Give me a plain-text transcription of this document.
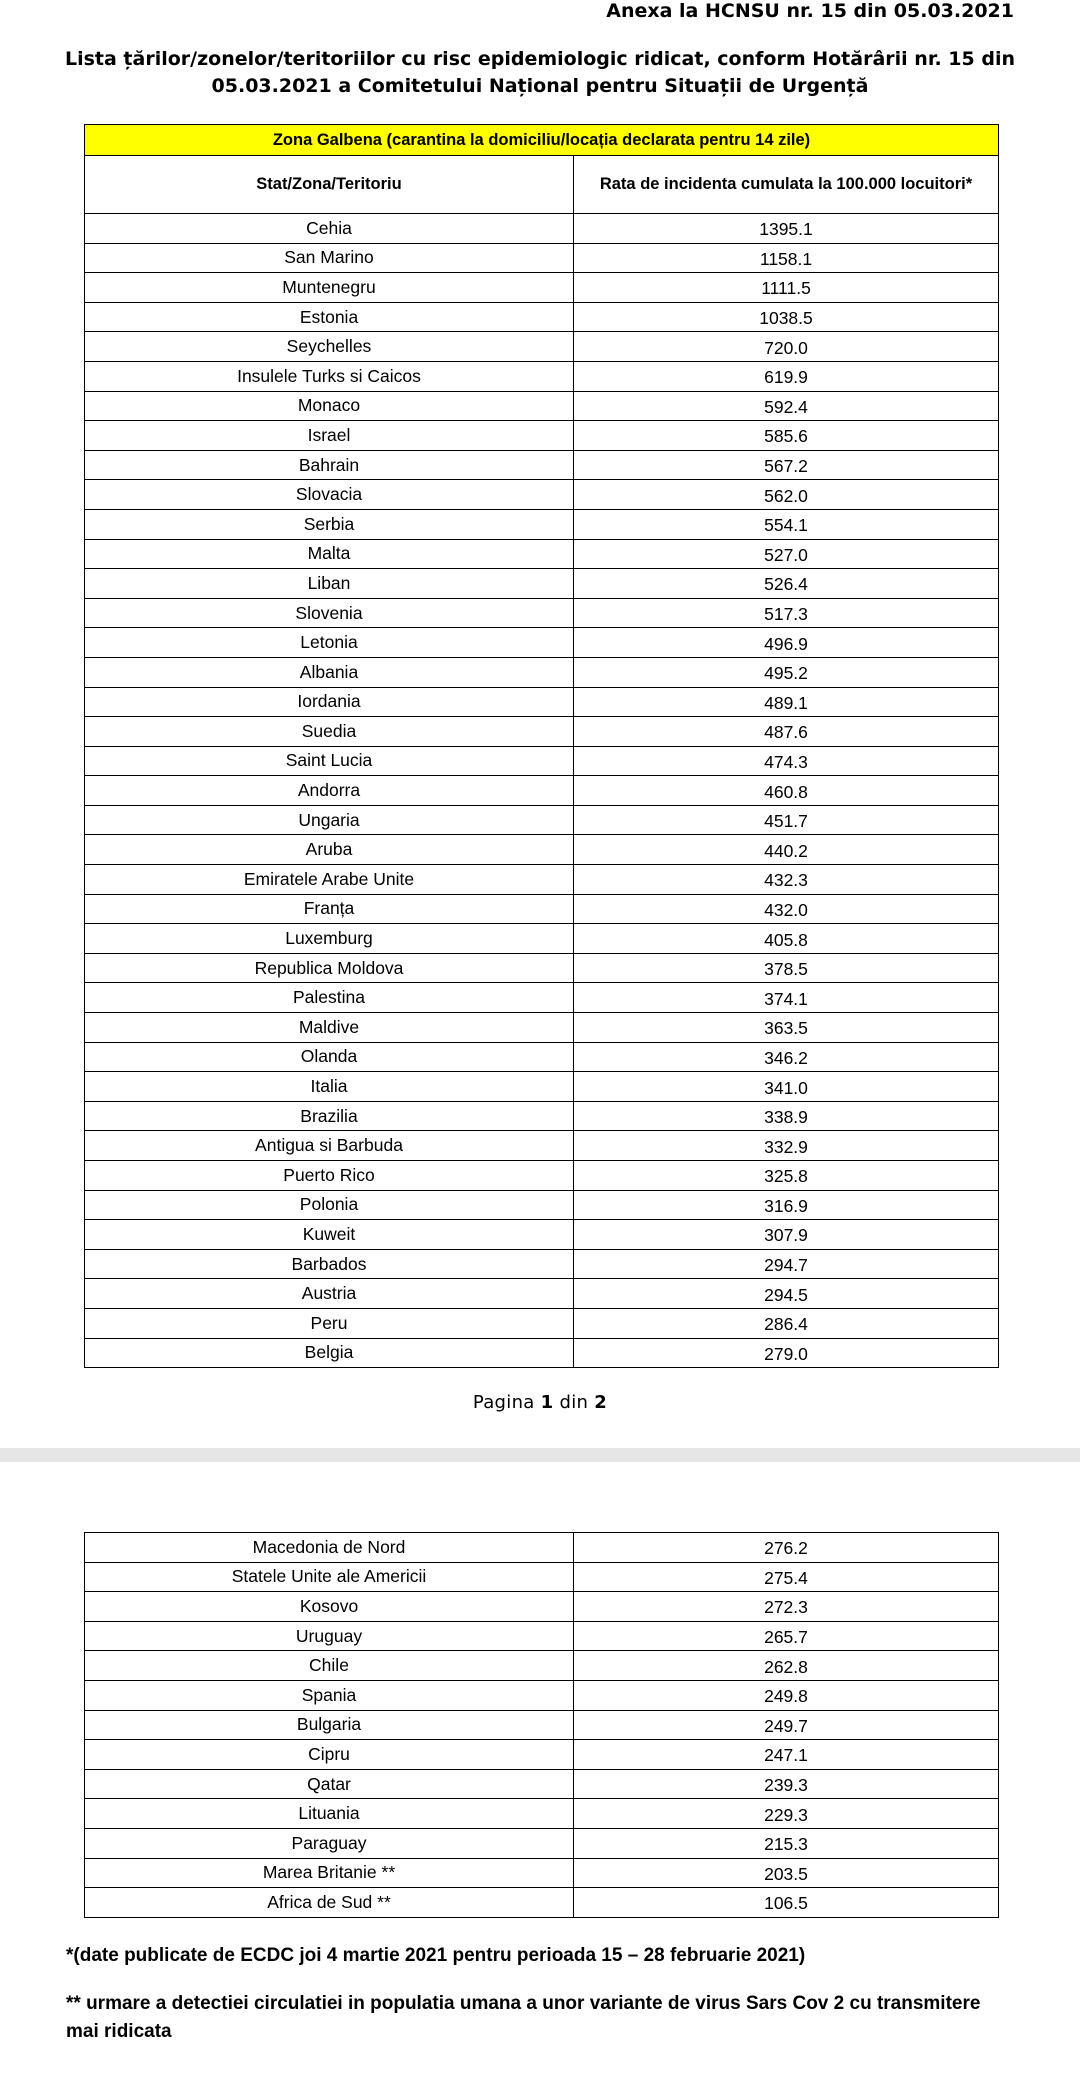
Anexa la HCNSU nr. 15 din 05.03.2021
Lista țărilor/zonelor/teritoriilor cu risc epidemiologic ridicat, conform Hotărârii nr. 15 din
05.03.2021 a Comitetului Național pentru Situații de Urgență
Zona Galbena (carantina la domiciliu/locația declarata pentru 14 zile)	
Stat/Zona/Teritoriu	Rata de incidenta cumulata la 100.000 locuitori*
Cehia	1395.1
San Marino	1158.1
Muntenegru	1111.5
Estonia	1038.5
Seychelles	720.0
Insulele Turks si Caicos	619.9
Monaco	592.4
Israel	585.6
Bahrain	567.2
Slovacia	562.0
Serbia	554.1
Malta	527.0
Liban	526.4
Slovenia	517.3
Letonia	496.9
Albania	495.2
Iordania	489.1
Suedia	487.6
Saint Lucia	474.3
Andorra	460.8
Ungaria	451.7
Aruba	440.2
Emiratele Arabe Unite	432.3
Franța	432.0
Luxemburg	405.8
Republica Moldova	378.5
Palestina	374.1
Maldive	363.5
Olanda	346.2
Italia	341.0
Brazilia	338.9
Antigua si Barbuda	332.9
Puerto Rico	325.8
Polonia	316.9
Kuweit	307.9
Barbados	294.7
Austria	294.5
Peru	286.4
Belgia	279.0
Pagina 1 din 2
Macedonia de Nord	276.2
Statele Unite ale Americii	275.4
Kosovo	272.3
Uruguay	265.7
Chile	262.8
Spania	249.8
Bulgaria	249.7
Cipru	247.1
Qatar	239.3
Lituania	229.3
Paraguay	215.3
Marea Britanie **	203.5
Africa de Sud **	106.5
*(date publicate de ECDC joi 4 martie 2021 pentru perioada 15 – 28 februarie 2021)
** urmare a detectiei circulatiei in populatia umana a unor variante de virus Sars Cov 2 cu transmitere mai ridicata
